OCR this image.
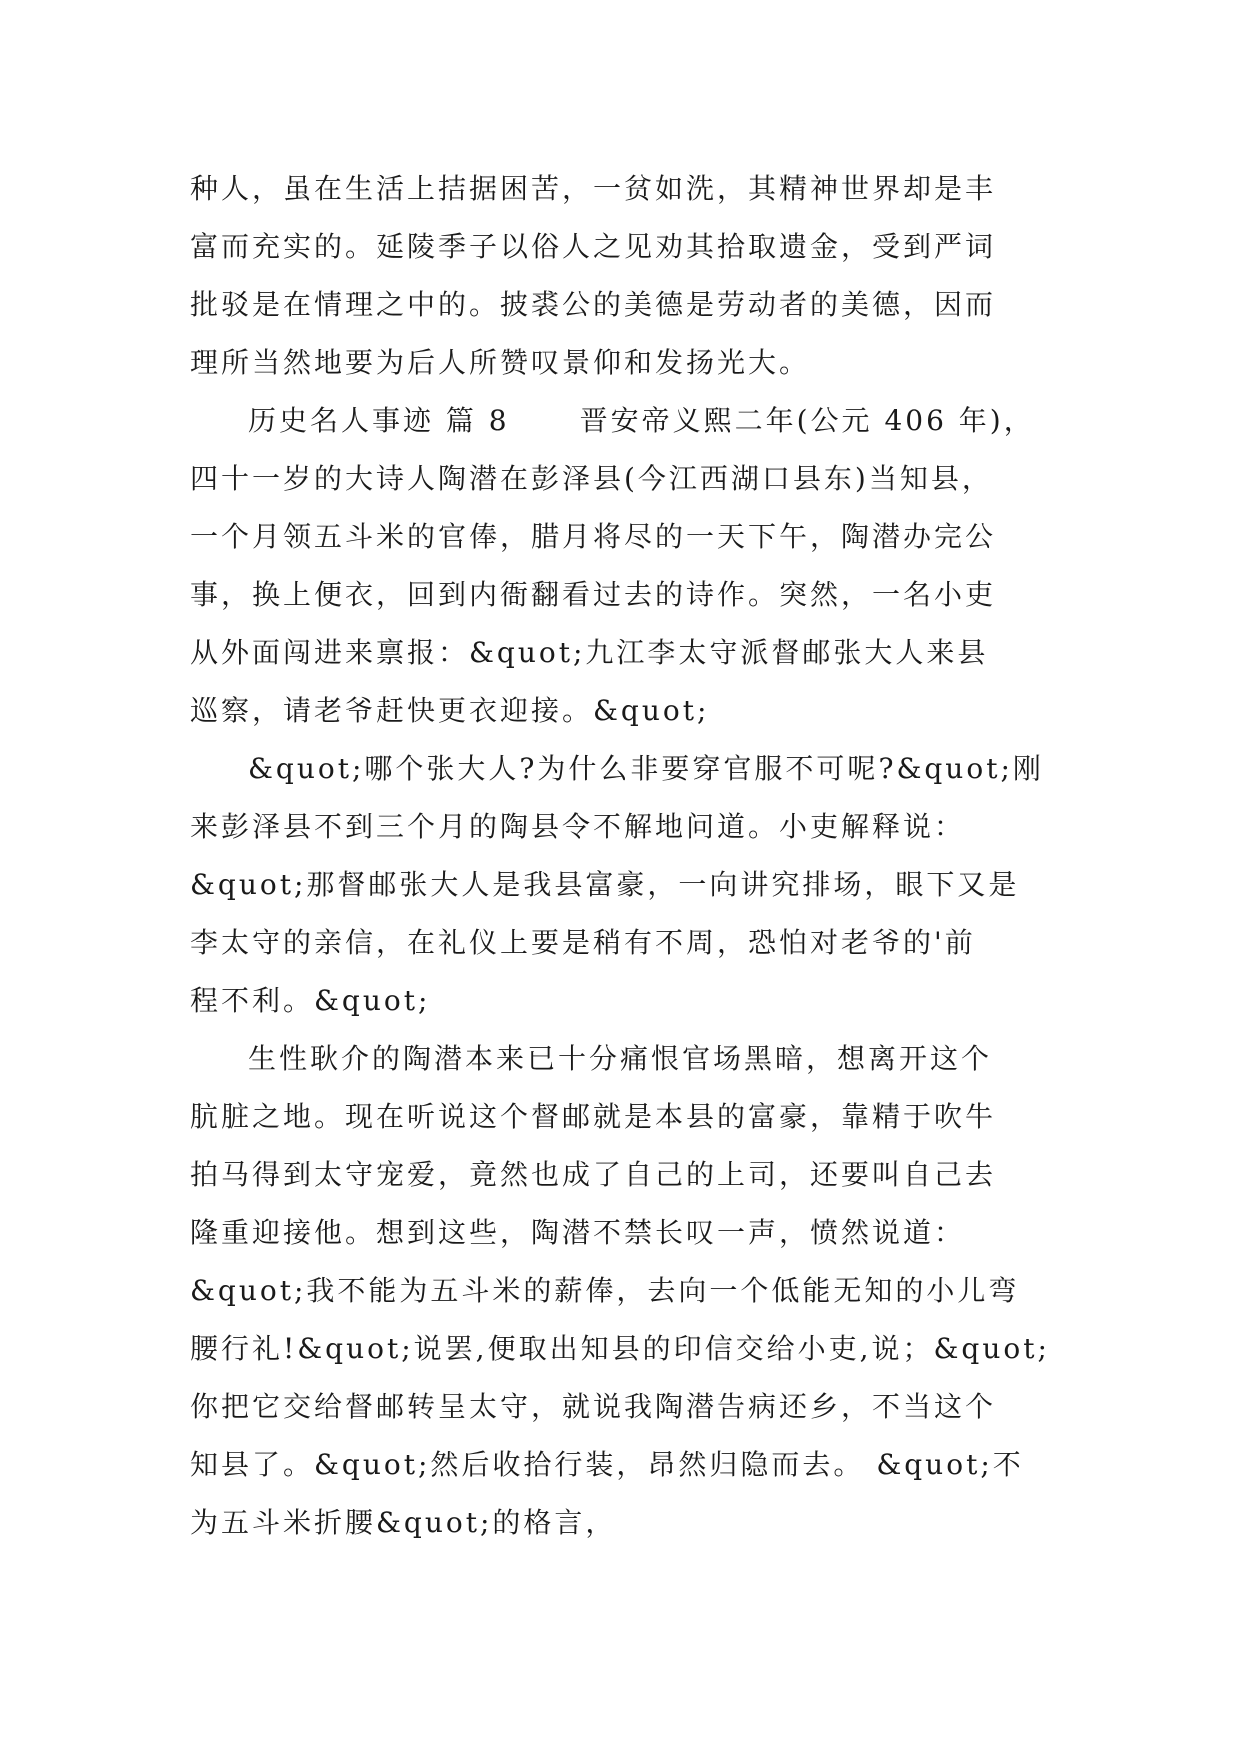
种人，虽在生活上拮据困苦，一贫如洗，其精神世界却是丰
富而充实的。延陵季子以俗人之见劝其拾取遗金，受到严词
批驳是在情理之中的。披裘公的美德是劳动者的美德，因而
理所当然地要为后人所赞叹景仰和发扬光大。
历史名人事迹 篇 8	晋安帝义熙二年(公元 406 年)，
四十一岁的大诗人陶潜在彭泽县(今江西湖口县东)当知县，
一个月领五斗米的官俸，腊月将尽的一天下午，陶潜办完公
事，换上便衣，回到内衙翻看过去的诗作。突然，一名小吏
从外面闯进来禀报：&quot;九江李太守派督邮张大人来县
巡察，请老爷赶快更衣迎接。&quot;
&quot;哪个张大人?为什么非要穿官服不可呢?&quot;刚
来彭泽县不到三个月的陶县令不解地问道。小吏解释说：
&quot;那督邮张大人是我县富豪，一向讲究排场，眼下又是
李太守的亲信，在礼仪上要是稍有不周，恐怕对老爷的'前
程不利。&quot;
生性耿介的陶潜本来已十分痛恨官场黑暗，想离开这个
肮脏之地。现在听说这个督邮就是本县的富豪，靠精于吹牛
拍马得到太守宠爱，竟然也成了自己的上司，还要叫自己去
隆重迎接他。想到这些，陶潜不禁长叹一声，愤然说道：
&quot;我不能为五斗米的薪俸，去向一个低能无知的小儿弯
腰行礼!&quot;说罢,便取出知县的印信交给小吏,说；&quot;
你把它交给督邮转呈太守，就说我陶潜告病还乡，不当这个
知县了。&quot;然后收拾行装，昂然归隐而去。 &quot;不
为五斗米折腰&quot;的格言，
